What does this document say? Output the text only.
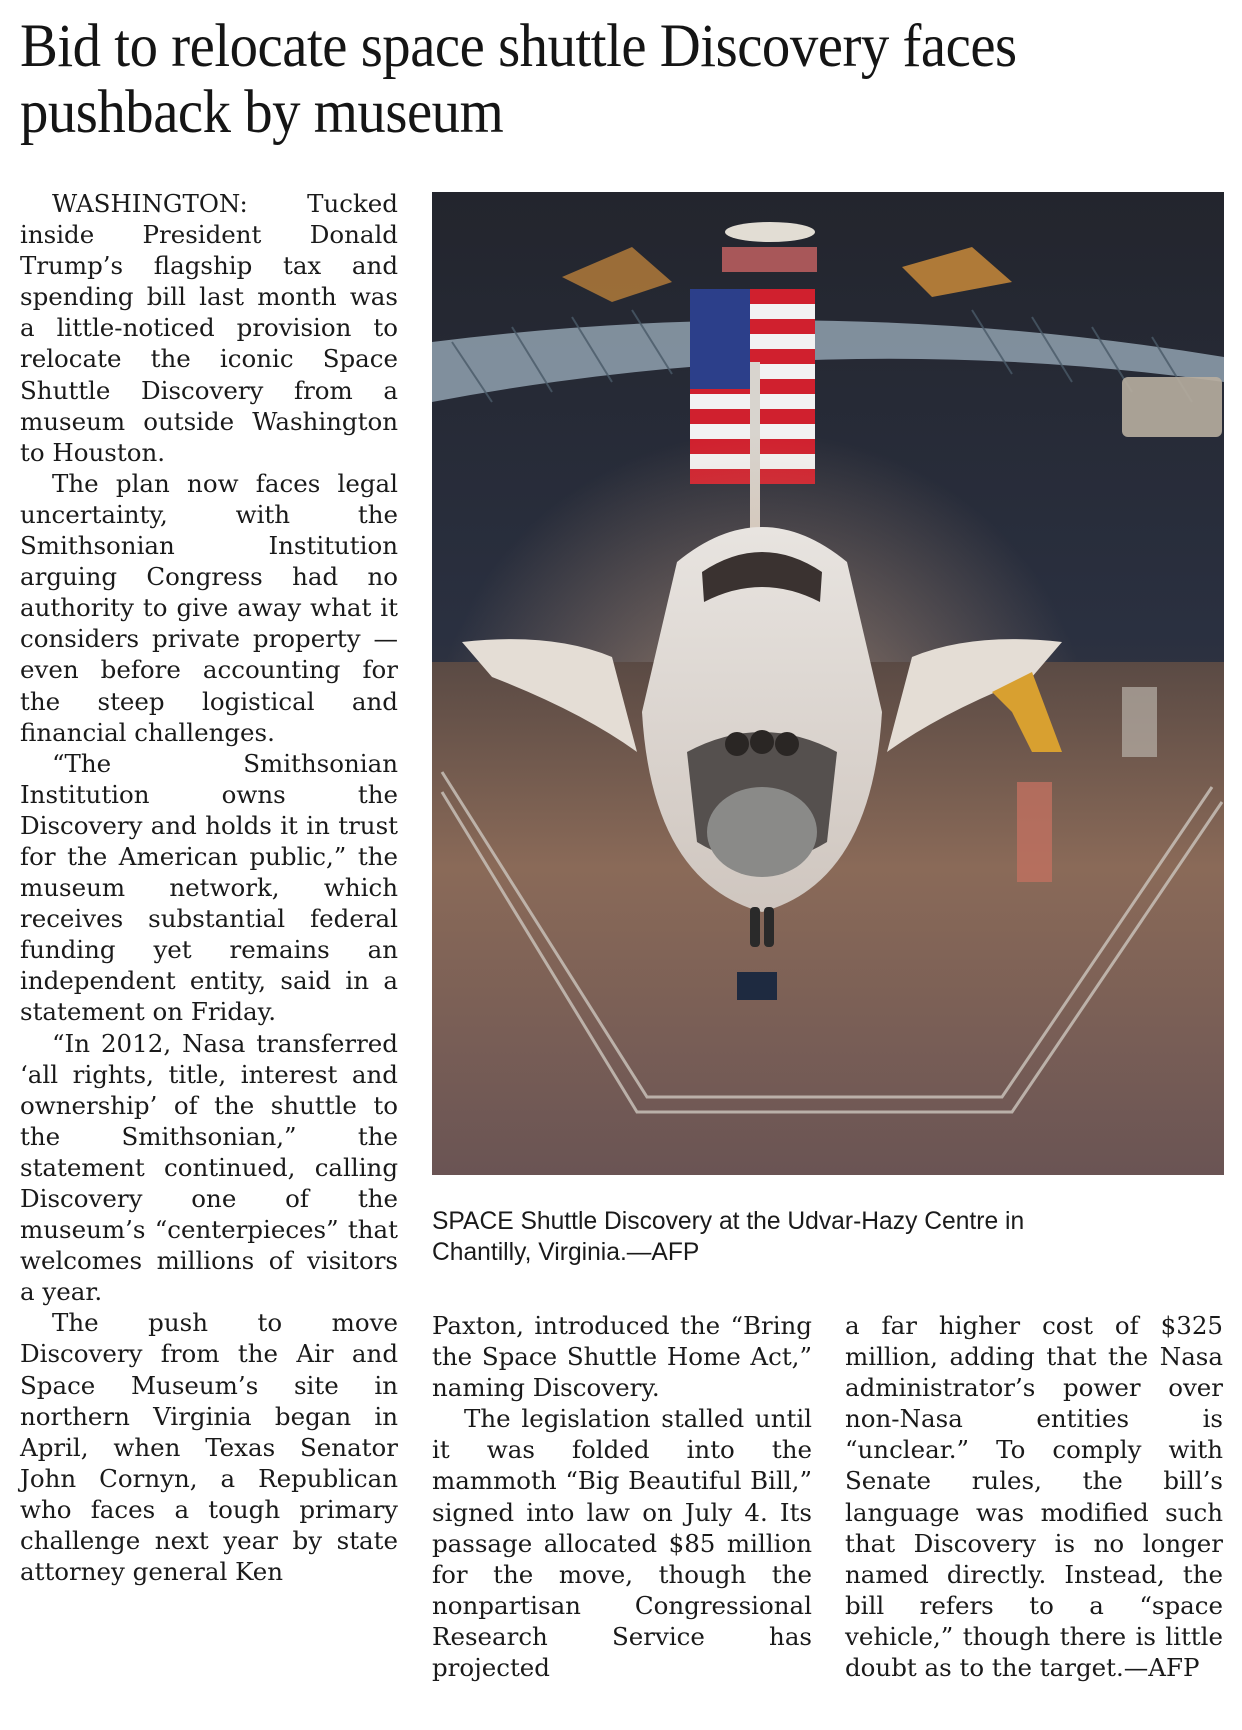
Bid to relocate space shuttle Discovery faces pushback by museum

WASHINGTON: Tucked inside President Donald Trump’s flagship tax and spending bill last month was a little-noticed provision to relocate the iconic Space Shuttle Discovery from a museum outside Washington to Houston.

The plan now faces legal uncertainty, with the Smithsonian Institution arguing Congress had no authority to give away what it considers private property — even before accounting for the steep logistical and financial challenges.

“The Smithsonian Institution owns the Discovery and holds it in trust for the American public,” the museum network, which receives substantial federal funding yet remains an independent entity, said in a statement on Friday.

“In 2012, Nasa transferred ‘all rights, title, interest and ownership’ of the shuttle to the Smithsonian,” the statement continued, calling Discovery one of the museum’s “centerpieces” that welcomes millions of visitors a year.

The push to move Discovery from the Air and Space Museum’s site in northern Virginia began in April, when Texas Senator John Cornyn, a Republican who faces a tough primary challenge next year by state attorney general Ken

SPACE Shuttle Discovery at the Udvar-Hazy Centre in
Chantilly, Virginia.—AFP

Paxton, introduced the “Bring the Space Shuttle Home Act,” naming Discovery.

The legislation stalled until it was folded into the mammoth “Big Beautiful Bill,” signed into law on July 4. Its passage allocated $85 million for the move, though the nonpartisan Congressional Research Service has projected

a far higher cost of $325 million, adding that the Nasa administrator’s power over non-Nasa entities is “unclear.” To comply with Senate rules, the bill’s language was modified such that Discovery is no longer named directly. Instead, the bill refers to a “space vehicle,” though there is little doubt as to the target.—AFP
